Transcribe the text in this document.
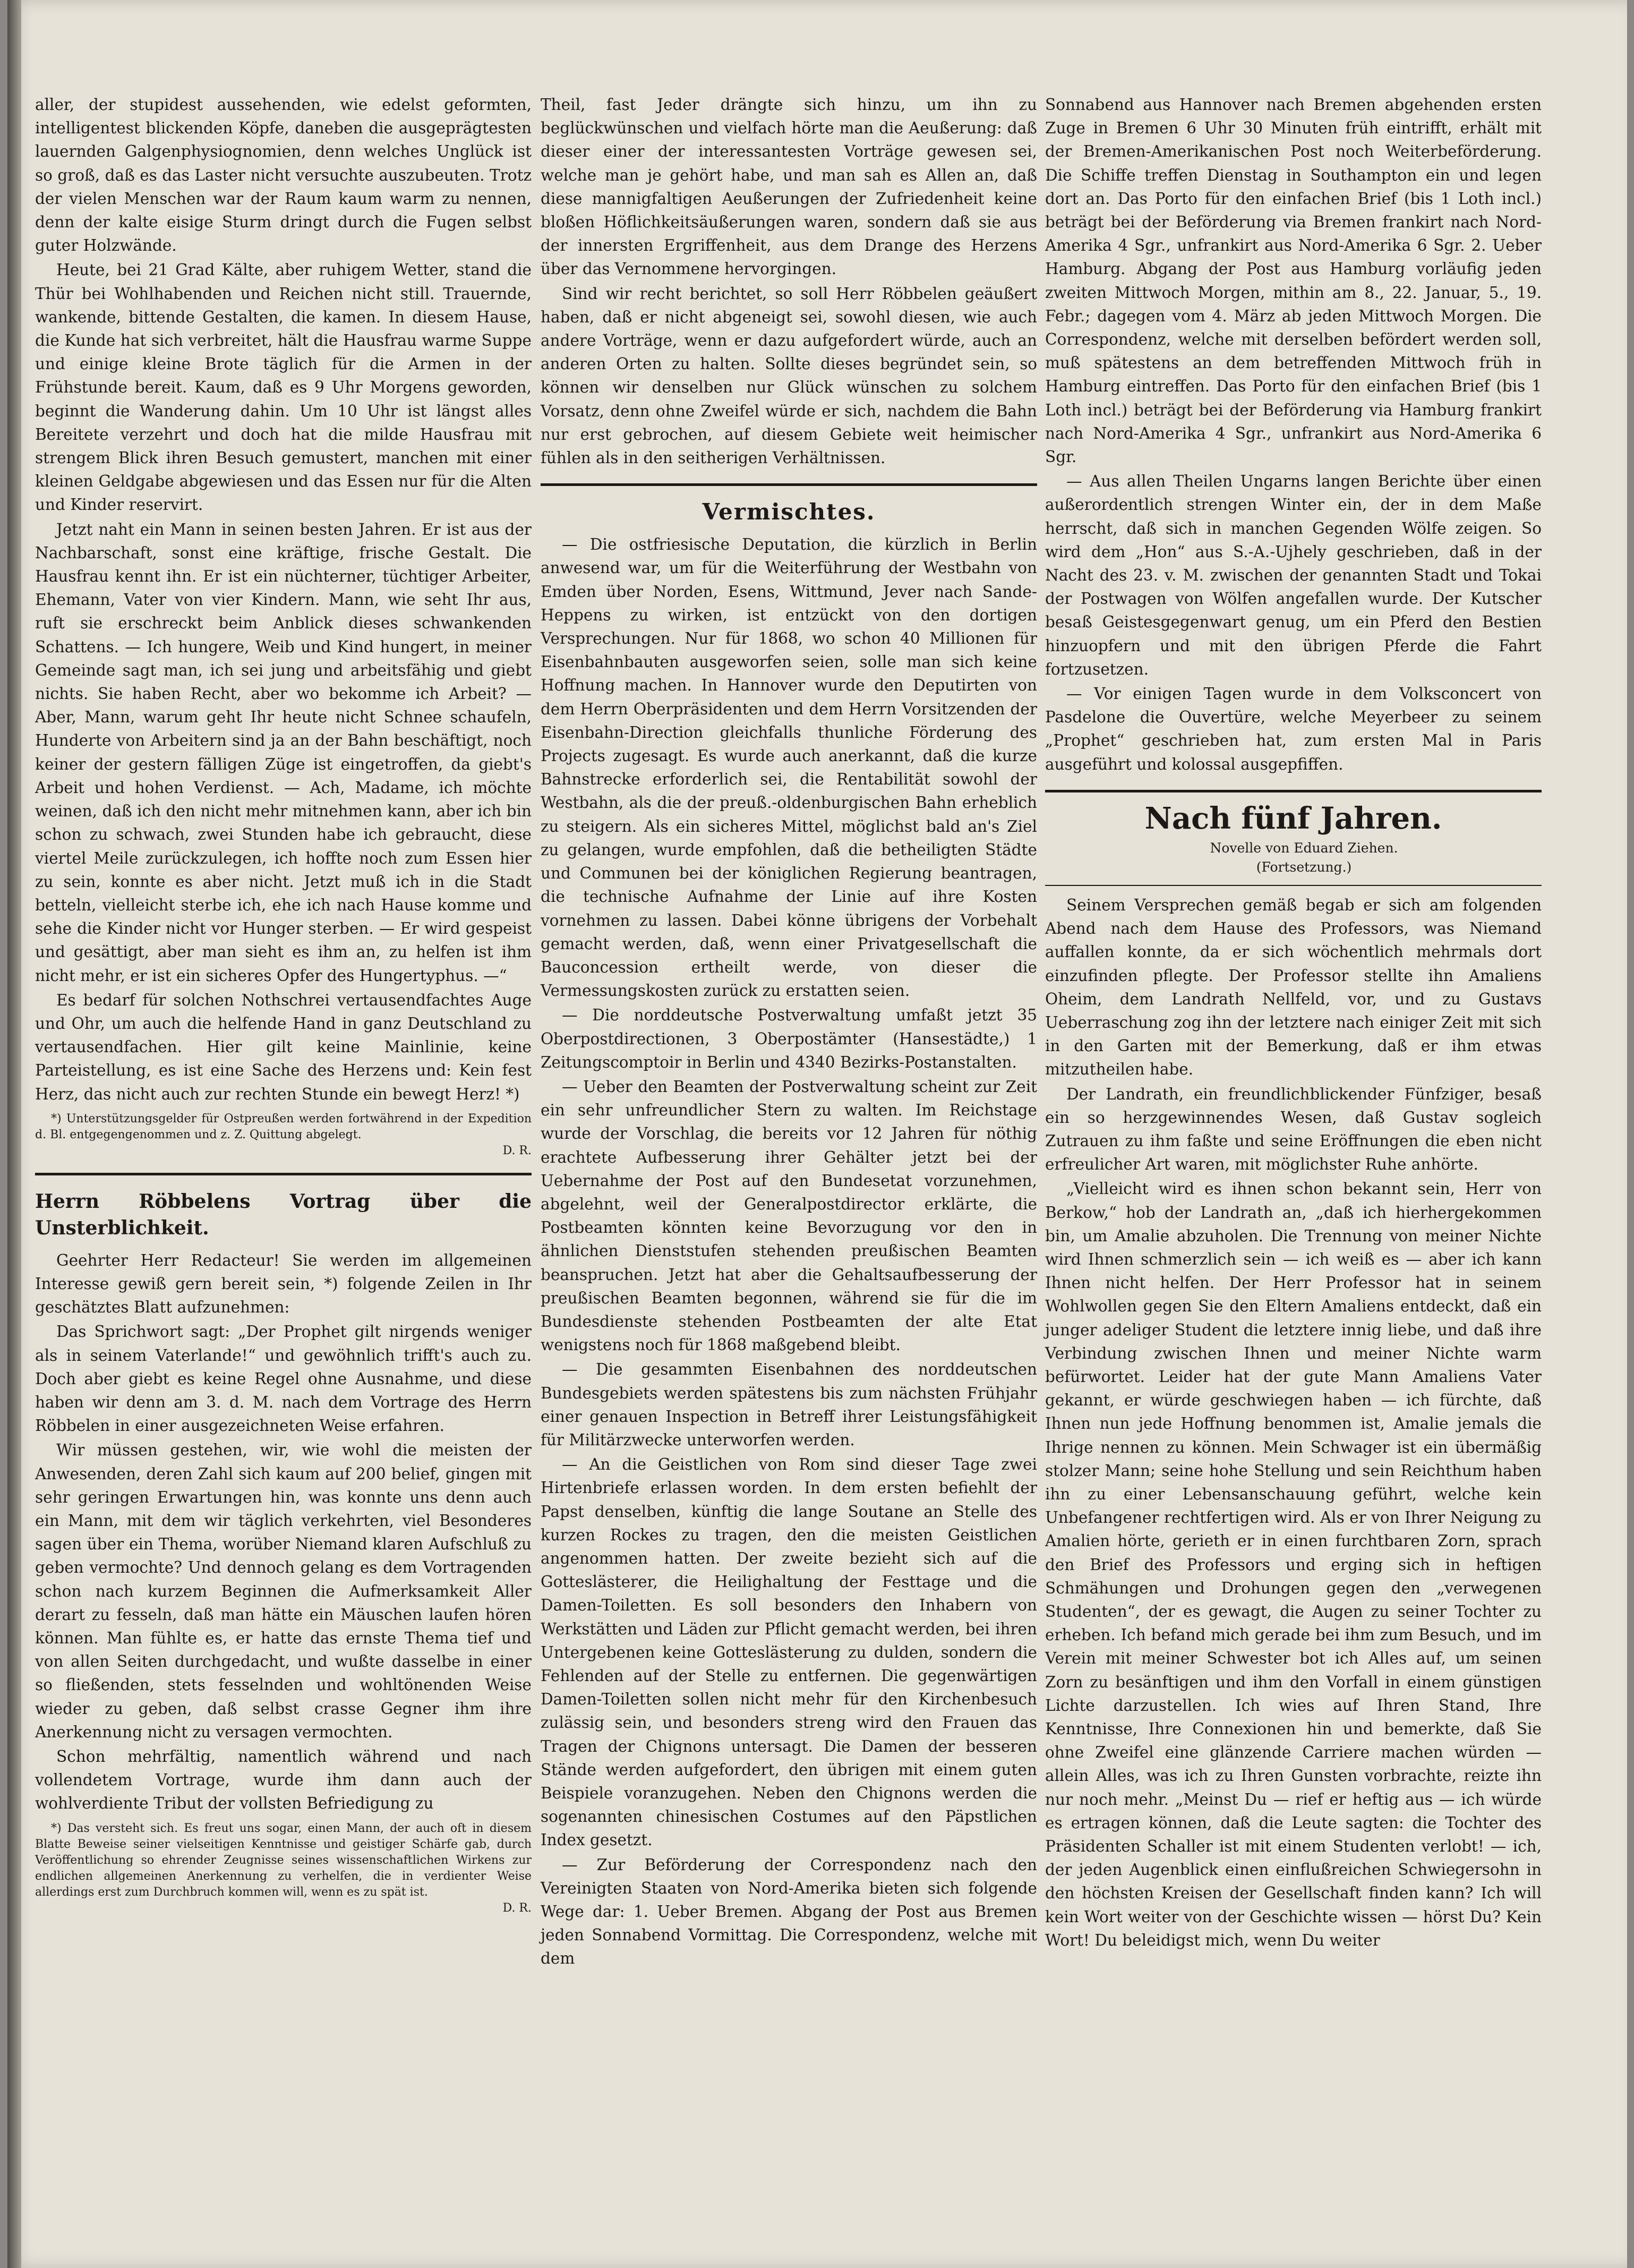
aller, der stupidest aussehenden, wie edelst geformten, intelligentest blickenden Köpfe, daneben die ausgeprägtesten lauernden Galgenphysiognomien, denn welches Unglück ist so groß, daß es das Laster nicht versuchte auszubeuten. Trotz der vielen Menschen war der Raum kaum warm zu nennen, denn der kalte eisige Sturm dringt durch die Fugen selbst guter Holzwände.

Heute, bei 21 Grad Kälte, aber ruhigem Wetter, stand die Thür bei Wohlhabenden und Reichen nicht still. Trauernde, wankende, bittende Gestalten, die kamen. In diesem Hause, die Kunde hat sich verbreitet, hält die Hausfrau warme Suppe und einige kleine Brote täglich für die Armen in der Frühstunde bereit. Kaum, daß es 9 Uhr Morgens geworden, beginnt die Wanderung dahin. Um 10 Uhr ist längst alles Bereitete verzehrt und doch hat die milde Hausfrau mit strengem Blick ihren Besuch gemustert, manchen mit einer kleinen Geldgabe abgewiesen und das Essen nur für die Alten und Kinder reservirt.

Jetzt naht ein Mann in seinen besten Jahren. Er ist aus der Nachbarschaft, sonst eine kräftige, frische Gestalt. Die Hausfrau kennt ihn. Er ist ein nüchterner, tüchtiger Arbeiter, Ehemann, Vater von vier Kindern. Mann, wie seht Ihr aus, ruft sie erschreckt beim Anblick dieses schwankenden Schattens. — Ich hungere, Weib und Kind hungert, in meiner Gemeinde sagt man, ich sei jung und arbeitsfähig und giebt nichts. Sie haben Recht, aber wo bekomme ich Arbeit? — Aber, Mann, warum geht Ihr heute nicht Schnee schaufeln, Hunderte von Arbeitern sind ja an der Bahn beschäftigt, noch keiner der gestern fälligen Züge ist eingetroffen, da giebt's Arbeit und hohen Verdienst. — Ach, Madame, ich möchte weinen, daß ich den nicht mehr mitnehmen kann, aber ich bin schon zu schwach, zwei Stunden habe ich gebraucht, diese viertel Meile zurückzulegen, ich hoffte noch zum Essen hier zu sein, konnte es aber nicht. Jetzt muß ich in die Stadt betteln, vielleicht sterbe ich, ehe ich nach Hause komme und sehe die Kinder nicht vor Hunger sterben. — Er wird gespeist und gesättigt, aber man sieht es ihm an, zu helfen ist ihm nicht mehr, er ist ein sicheres Opfer des Hungertyphus. —“

Es bedarf für solchen Nothschrei vertausendfachtes Auge und Ohr, um auch die helfende Hand in ganz Deutschland zu vertausendfachen. Hier gilt keine Mainlinie, keine Parteistellung, es ist eine Sache des Herzens und: Kein fest Herz, das nicht auch zur rechten Stunde ein bewegt Herz! *)

*) Unterstützungsgelder für Ostpreußen werden fortwährend in der Expedition d. Bl. entgegengenommen und z. Z. Quittung abgelegt.

D. R.

Herrn Röbbelens Vortrag über die Unsterblichkeit.

Geehrter Herr Redacteur! Sie werden im allgemeinen Interesse gewiß gern bereit sein, *) folgende Zeilen in Ihr geschätztes Blatt aufzunehmen:

Das Sprichwort sagt: „Der Prophet gilt nirgends weniger als in seinem Vaterlande!“ und gewöhnlich trifft's auch zu. Doch aber giebt es keine Regel ohne Ausnahme, und diese haben wir denn am 3. d. M. nach dem Vortrage des Herrn Röbbelen in einer ausgezeichneten Weise erfahren.

Wir müssen gestehen, wir, wie wohl die meisten der Anwesenden, deren Zahl sich kaum auf 200 belief, gingen mit sehr geringen Erwartungen hin, was konnte uns denn auch ein Mann, mit dem wir täglich verkehrten, viel Besonderes sagen über ein Thema, worüber Niemand klaren Aufschluß zu geben vermochte? Und dennoch gelang es dem Vortragenden schon nach kurzem Beginnen die Aufmerksamkeit Aller derart zu fesseln, daß man hätte ein Mäuschen laufen hören können. Man fühlte es, er hatte das ernste Thema tief und von allen Seiten durchgedacht, und wußte dasselbe in einer so fließenden, stets fesselnden und wohltönenden Weise wieder zu geben, daß selbst crasse Gegner ihm ihre Anerkennung nicht zu versagen vermochten.

Schon mehrfältig, namentlich während und nach vollendetem Vortrage, wurde ihm dann auch der wohlverdiente Tribut der vollsten Befriedigung zu

*) Das versteht sich. Es freut uns sogar, einen Mann, der auch oft in diesem Blatte Beweise seiner vielseitigen Kenntnisse und geistiger Schärfe gab, durch Veröffentlichung so ehrender Zeugnisse seines wissenschaftlichen Wirkens zur endlichen allgemeinen Anerkennung zu verhelfen, die in verdienter Weise allerdings erst zum Durchbruch kommen will, wenn es zu spät ist.

D. R.

Theil, fast Jeder drängte sich hinzu, um ihn zu beglückwünschen und vielfach hörte man die Aeußerung: daß dieser einer der interessantesten Vorträge gewesen sei, welche man je gehört habe, und man sah es Allen an, daß diese mannigfaltigen Aeußerungen der Zufriedenheit keine bloßen Höflichkeitsäußerungen waren, sondern daß sie aus der innersten Ergriffenheit, aus dem Drange des Herzens über das Vernommene hervorgingen.

Sind wir recht berichtet, so soll Herr Röbbelen geäußert haben, daß er nicht abgeneigt sei, sowohl diesen, wie auch andere Vorträge, wenn er dazu aufgefordert würde, auch an anderen Orten zu halten. Sollte dieses begründet sein, so können wir denselben nur Glück wünschen zu solchem Vorsatz, denn ohne Zweifel würde er sich, nachdem die Bahn nur erst gebrochen, auf diesem Gebiete weit heimischer fühlen als in den seitherigen Verhältnissen.

Vermischtes.

— Die ostfriesische Deputation, die kürzlich in Berlin anwesend war, um für die Weiterführung der Westbahn von Emden über Norden, Esens, Wittmund, Jever nach Sande-Heppens zu wirken, ist entzückt von den dortigen Versprechungen. Nur für 1868, wo schon 40 Millionen für Eisenbahnbauten ausgeworfen seien, solle man sich keine Hoffnung machen. In Hannover wurde den Deputirten von dem Herrn Oberpräsidenten und dem Herrn Vorsitzenden der Eisenbahn-Direction gleichfalls thunliche Förderung des Projects zugesagt. Es wurde auch anerkannt, daß die kurze Bahnstrecke erforderlich sei, die Rentabilität sowohl der Westbahn, als die der preuß.-oldenburgischen Bahn erheblich zu steigern. Als ein sicheres Mittel, möglichst bald an's Ziel zu gelangen, wurde empfohlen, daß die betheiligten Städte und Communen bei der königlichen Regierung beantragen, die technische Aufnahme der Linie auf ihre Kosten vornehmen zu lassen. Dabei könne übrigens der Vorbehalt gemacht werden, daß, wenn einer Privatgesellschaft die Bauconcession ertheilt werde, von dieser die Vermessungskosten zurück zu erstatten seien.

— Die norddeutsche Postverwaltung umfaßt jetzt 35 Oberpostdirectionen, 3 Oberpostämter (Hansestädte,) 1 Zeitungscomptoir in Berlin und 4340 Bezirks-Postanstalten.

— Ueber den Beamten der Postverwaltung scheint zur Zeit ein sehr unfreundlicher Stern zu walten. Im Reichstage wurde der Vorschlag, die bereits vor 12 Jahren für nöthig erachtete Aufbesserung ihrer Gehälter jetzt bei der Uebernahme der Post auf den Bundesetat vorzunehmen, abgelehnt, weil der Generalpostdirector erklärte, die Postbeamten könnten keine Bevorzugung vor den in ähnlichen Dienststufen stehenden preußischen Beamten beanspruchen. Jetzt hat aber die Gehaltsaufbesserung der preußischen Beamten begonnen, während sie für die im Bundesdienste stehenden Postbeamten der alte Etat wenigstens noch für 1868 maßgebend bleibt.

— Die gesammten Eisenbahnen des norddeutschen Bundesgebiets werden spätestens bis zum nächsten Frühjahr einer genauen Inspection in Betreff ihrer Leistungsfähigkeit für Militärzwecke unterworfen werden.

— An die Geistlichen von Rom sind dieser Tage zwei Hirtenbriefe erlassen worden. In dem ersten befiehlt der Papst denselben, künftig die lange Soutane an Stelle des kurzen Rockes zu tragen, den die meisten Geistlichen angenommen hatten. Der zweite bezieht sich auf die Gotteslästerer, die Heilighaltung der Festtage und die Damen-Toiletten. Es soll besonders den Inhabern von Werkstätten und Läden zur Pflicht gemacht werden, bei ihren Untergebenen keine Gotteslästerung zu dulden, sondern die Fehlenden auf der Stelle zu entfernen. Die gegenwärtigen Damen-Toiletten sollen nicht mehr für den Kirchenbesuch zulässig sein, und besonders streng wird den Frauen das Tragen der Chignons untersagt. Die Damen der besseren Stände werden aufgefordert, den übrigen mit einem guten Beispiele voranzugehen. Neben den Chignons werden die sogenannten chinesischen Costumes auf den Päpstlichen Index gesetzt.

— Zur Beförderung der Correspondenz nach den Vereinigten Staaten von Nord-Amerika bieten sich folgende Wege dar: 1. Ueber Bremen. Abgang der Post aus Bremen jeden Sonnabend Vormittag. Die Correspondenz, welche mit dem

Sonnabend aus Hannover nach Bremen abgehenden ersten Zuge in Bremen 6 Uhr 30 Minuten früh eintrifft, erhält mit der Bremen-Amerikanischen Post noch Weiterbeförderung. Die Schiffe treffen Dienstag in Southampton ein und legen dort an. Das Porto für den einfachen Brief (bis 1 Loth incl.) beträgt bei der Beförderung via Bremen frankirt nach Nord-Amerika 4 Sgr., unfrankirt aus Nord-Amerika 6 Sgr. 2. Ueber Hamburg. Abgang der Post aus Hamburg vorläufig jeden zweiten Mittwoch Morgen, mithin am 8., 22. Januar, 5., 19. Febr.; dagegen vom 4. März ab jeden Mittwoch Morgen. Die Correspondenz, welche mit derselben befördert werden soll, muß spätestens an dem betreffenden Mittwoch früh in Hamburg eintreffen. Das Porto für den einfachen Brief (bis 1 Loth incl.) beträgt bei der Beförderung via Hamburg frankirt nach Nord-Amerika 4 Sgr., unfrankirt aus Nord-Amerika 6 Sgr.

— Aus allen Theilen Ungarns langen Berichte über einen außerordentlich strengen Winter ein, der in dem Maße herrscht, daß sich in manchen Gegenden Wölfe zeigen. So wird dem „Hon“ aus S.-A.-Ujhely geschrieben, daß in der Nacht des 23. v. M. zwischen der genannten Stadt und Tokai der Postwagen von Wölfen angefallen wurde. Der Kutscher besaß Geistesgegenwart genug, um ein Pferd den Bestien hinzuopfern und mit den übrigen Pferde die Fahrt fortzusetzen.

— Vor einigen Tagen wurde in dem Volksconcert von Pasdelone die Ouvertüre, welche Meyerbeer zu seinem „Prophet“ geschrieben hat, zum ersten Mal in Paris ausgeführt und kolossal ausgepfiffen.

Nach fünf Jahren.

Novelle von Eduard Ziehen.

(Fortsetzung.)

Seinem Versprechen gemäß begab er sich am folgenden Abend nach dem Hause des Professors, was Niemand auffallen konnte, da er sich wöchentlich mehrmals dort einzufinden pflegte. Der Professor stellte ihn Amaliens Oheim, dem Landrath Nellfeld, vor, und zu Gustavs Ueberraschung zog ihn der letztere nach einiger Zeit mit sich in den Garten mit der Bemerkung, daß er ihm etwas mitzutheilen habe.

Der Landrath, ein freundlichblickender Fünfziger, besaß ein so herzgewinnendes Wesen, daß Gustav sogleich Zutrauen zu ihm faßte und seine Eröffnungen die eben nicht erfreulicher Art waren, mit möglichster Ruhe anhörte.

„Vielleicht wird es ihnen schon bekannt sein, Herr von Berkow,“ hob der Landrath an, „daß ich hierhergekommen bin, um Amalie abzuholen. Die Trennung von meiner Nichte wird Ihnen schmerzlich sein — ich weiß es — aber ich kann Ihnen nicht helfen. Der Herr Professor hat in seinem Wohlwollen gegen Sie den Eltern Amaliens entdeckt, daß ein junger adeliger Student die letztere innig liebe, und daß ihre Verbindung zwischen Ihnen und meiner Nichte warm befürwortet. Leider hat der gute Mann Amaliens Vater gekannt, er würde geschwiegen haben — ich fürchte, daß Ihnen nun jede Hoffnung benommen ist, Amalie jemals die Ihrige nennen zu können. Mein Schwager ist ein übermäßig stolzer Mann; seine hohe Stellung und sein Reichthum haben ihn zu einer Lebensanschauung geführt, welche kein Unbefangener rechtfertigen wird. Als er von Ihrer Neigung zu Amalien hörte, gerieth er in einen furchtbaren Zorn, sprach den Brief des Professors und erging sich in heftigen Schmähungen und Drohungen gegen den „verwegenen Studenten“, der es gewagt, die Augen zu seiner Tochter zu erheben. Ich befand mich gerade bei ihm zum Besuch, und im Verein mit meiner Schwester bot ich Alles auf, um seinen Zorn zu besänftigen und ihm den Vorfall in einem günstigen Lichte darzustellen. Ich wies auf Ihren Stand, Ihre Kenntnisse, Ihre Connexionen hin und bemerkte, daß Sie ohne Zweifel eine glänzende Carriere machen würden — allein Alles, was ich zu Ihren Gunsten vorbrachte, reizte ihn nur noch mehr. „Meinst Du — rief er heftig aus — ich würde es ertragen können, daß die Leute sagten: die Tochter des Präsidenten Schaller ist mit einem Studenten verlobt! — ich, der jeden Augenblick einen einflußreichen Schwiegersohn in den höchsten Kreisen der Gesellschaft finden kann? Ich will kein Wort weiter von der Geschichte wissen — hörst Du? Kein Wort! Du beleidigst mich, wenn Du weiter
